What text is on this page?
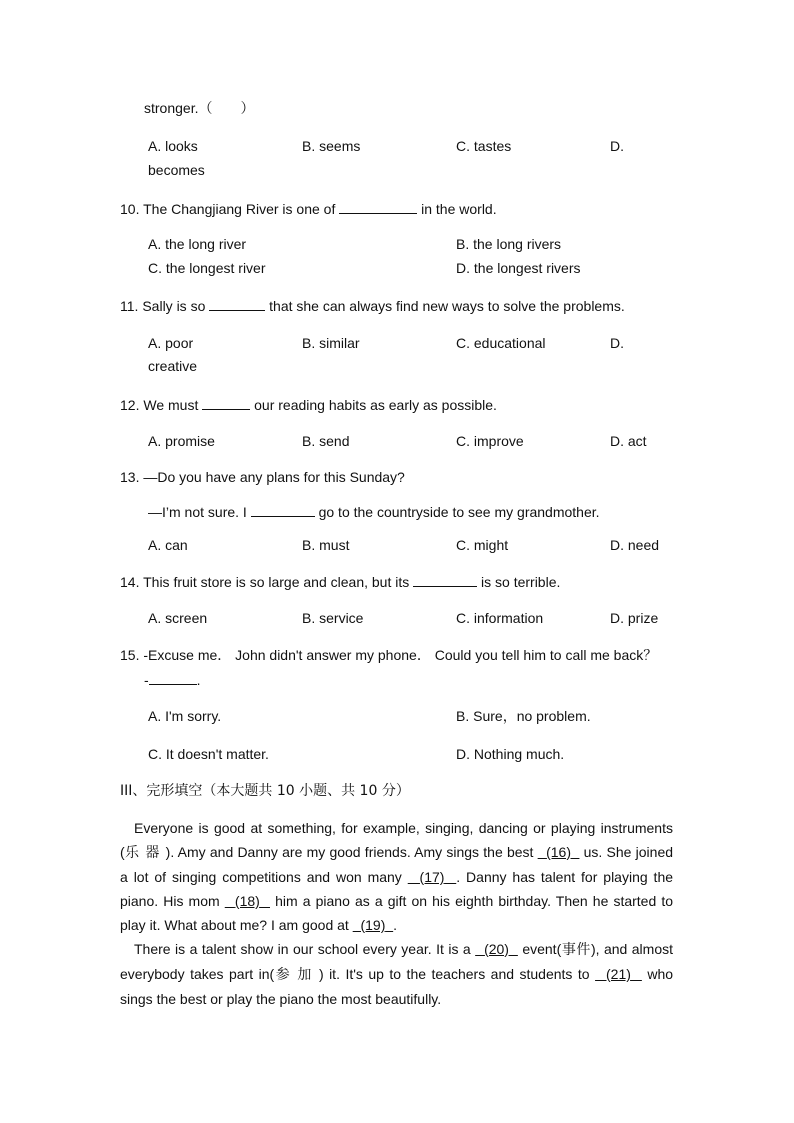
stronger.（　　）
A. looks	B. seems	C. tastes	D.
becomes
10. The Changjiang River is one of	in the world.
A. the long river	B. the long rivers
C. the longest river	D. the longest rivers
11. Sally is so	that she can always find new ways to solve the problems.
A. poor	B. similar	C. educational	D.
creative
12. We must	our reading habits as early as possible.
A. promise	B. send	C. improve	D. act
13. —Do you have any plans for this Sunday?
—I’m not sure. I	go to the countryside to see my grandmother.
A. can	B. must	C. might	D. need
14. This fruit store is so large and clean, but its	is so terrible.
A. screen	B. service	C. information	D. prize
15. -Excuse me． John didn't answer my phone． Could you tell him to call me back？
-	.
A. I'm sorry.	B. Sure，no problem.
C. It doesn't matter.	D. Nothing much.
III、完形填空（本大题共 10 小题、共 10 分）

Everyone is good at something, for example, singing, dancing or playing instruments (乐器). Amy and Danny are my good friends. Amy sings the best (16) us. She joined a lot of singing competitions and won many (17) . Danny has talent for playing the piano. His mom (18) him a piano as a gift on his eighth birthday. Then he started to play it. What about me? I am good at (19) .

There is a talent show in our school every year. It is a (20) event(事件), and almost everybody takes part in(参加) it. It's up to the teachers and students to (21) who sings the best or play the piano the most beautifully.
